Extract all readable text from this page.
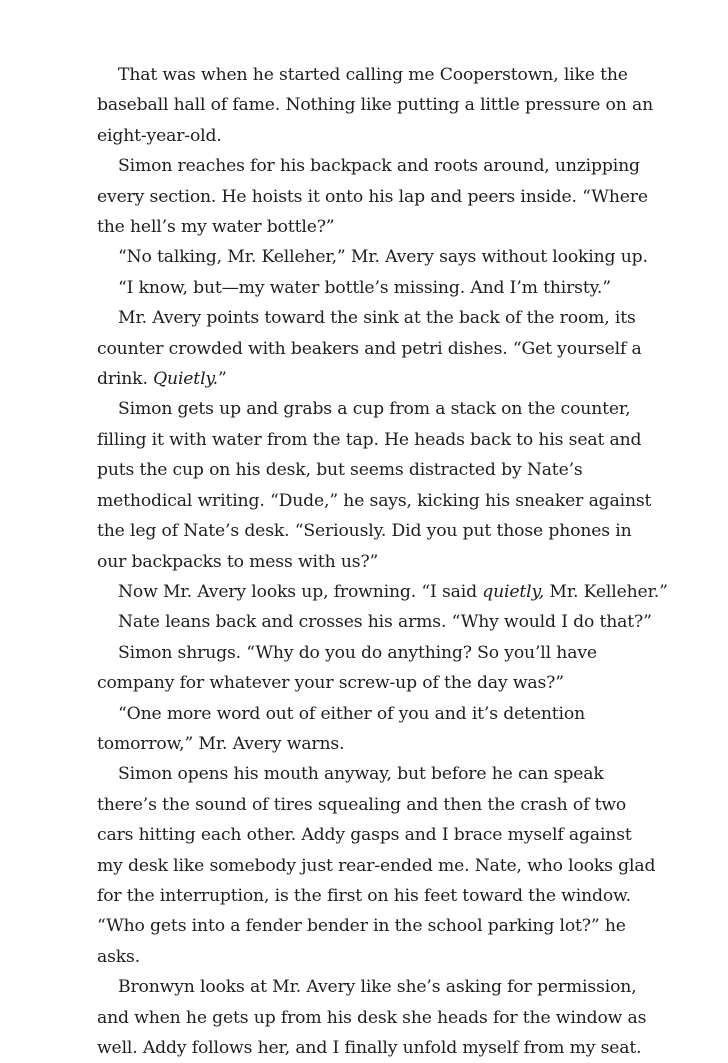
That was when he started calling me Cooperstown, like the
baseball hall of fame. Nothing like putting a little pressure on an
eight-year-old.

Simon reaches for his backpack and roots around, unzipping
every section. He hoists it onto his lap and peers inside. “Where
the hell’s my water bottle?”

“No talking, Mr. Kelleher,” Mr. Avery says without looking up.

“I know, but—my water bottle’s missing. And I’m thirsty.”

Mr. Avery points toward the sink at the back of the room, its
counter crowded with beakers and petri dishes. “Get yourself a
drink. Quietly.”

Simon gets up and grabs a cup from a stack on the counter,
filling it with water from the tap. He heads back to his seat and
puts the cup on his desk, but seems distracted by Nate’s
methodical writing. “Dude,” he says, kicking his sneaker against
the leg of Nate’s desk. “Seriously. Did you put those phones in
our backpacks to mess with us?”

Now Mr. Avery looks up, frowning. “I said quietly, Mr. Kelleher.”

Nate leans back and crosses his arms. “Why would I do that?”

Simon shrugs. “Why do you do anything? So you’ll have
company for whatever your screw-up of the day was?”

“One more word out of either of you and it’s detention
tomorrow,” Mr. Avery warns.

Simon opens his mouth anyway, but before he can speak
there’s the sound of tires squealing and then the crash of two
cars hitting each other. Addy gasps and I brace myself against
my desk like somebody just rear-ended me. Nate, who looks glad
for the interruption, is the first on his feet toward the window.
“Who gets into a fender bender in the school parking lot?” he
asks.

Bronwyn looks at Mr. Avery like she’s asking for permission,
and when he gets up from his desk she heads for the window as
well. Addy follows her, and I finally unfold myself from my seat.
